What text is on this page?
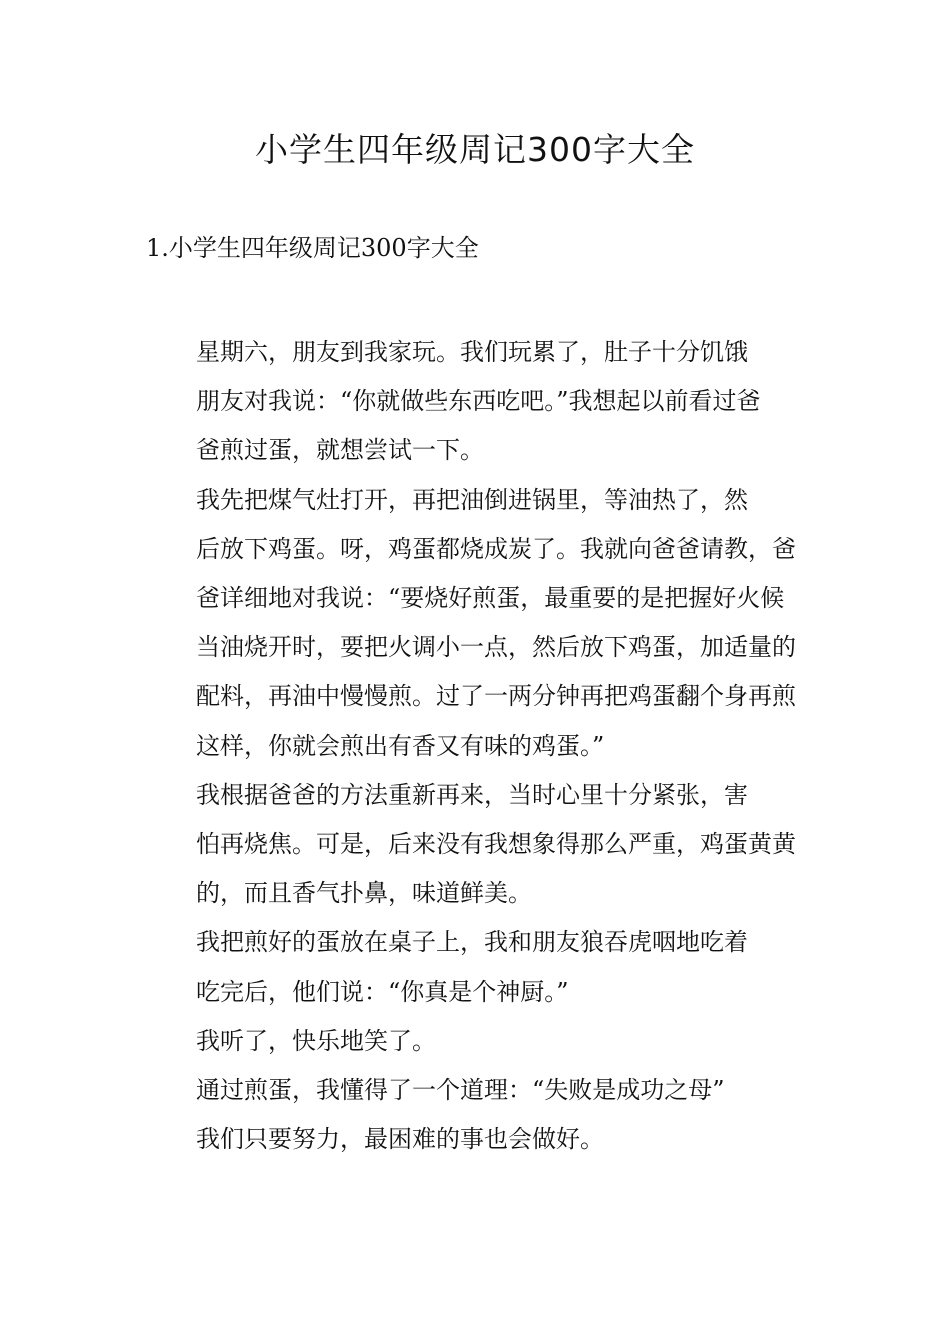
小学生四年级周记300字大全
1.小学生四年级周记300字大全

星期六，朋友到我家玩。我们玩累了，肚子十分饥饿
朋友对我说：“你就做些东西吃吧。”我想起以前看过爸
爸煎过蛋，就想尝试一下。

我先把煤气灶打开，再把油倒进锅里，等油热了，然
后放下鸡蛋。呀，鸡蛋都烧成炭了。我就向爸爸请教，爸
爸详细地对我说：“要烧好煎蛋，最重要的是把握好火候
当油烧开时，要把火调小一点，然后放下鸡蛋，加适量的
配料，再油中慢慢煎。过了一两分钟再把鸡蛋翻个身再煎
这样，你就会煎出有香又有味的鸡蛋。”

我根据爸爸的方法重新再来，当时心里十分紧张，害
怕再烧焦。可是，后来没有我想象得那么严重，鸡蛋黄黄
的，而且香气扑鼻，味道鲜美。

我把煎好的蛋放在桌子上，我和朋友狼吞虎咽地吃着
吃完后，他们说：“你真是个神厨。”

我听了，快乐地笑了。

通过煎蛋，我懂得了一个道理：“失败是成功之母”
我们只要努力，最困难的事也会做好。
